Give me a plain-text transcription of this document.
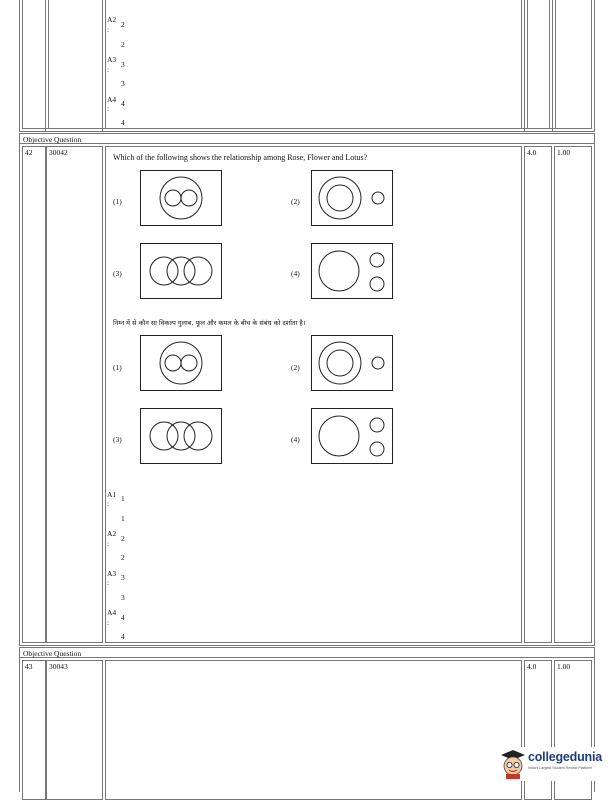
A2
2
:
2
A3
3
:
3
A4 4
:
4
Objective Question
42 30042	4.0	1.00
Which of the following shows the relationship among Rose, Flower and Lotus?
(1)	(2)
(3)	(4)
निम्न में से कौन सा विकल्प गुलाब, फूल और कमल के बीच के संबंध को दर्शाता है।
(1)	(2)
(3)	(4)
A1 1
:
1
A2
2
:
2
A3 3
:
3
A4
4
:
4
Objective Question
43 30043	4.0	1.00
collegedunia
India's Largest Student Review Platform
